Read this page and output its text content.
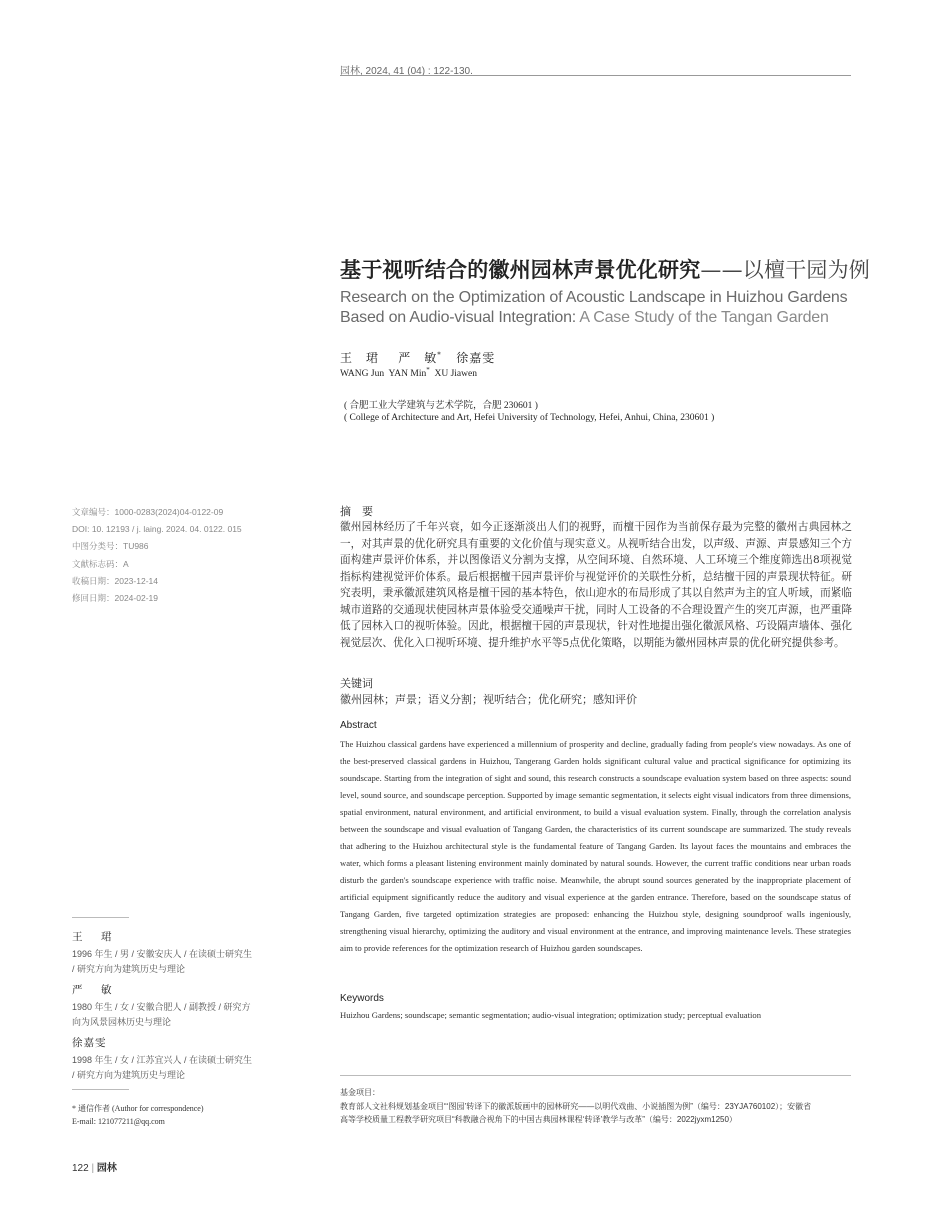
园林, 2024, 41 (04) : 122-130.
基于视听结合的徽州园林声景优化研究——以檀干园为例
Research on the Optimization of Acoustic Landscape in Huizhou Gardens Based on Audio-visual Integration: A Case Study of the Tangan Garden
王　珺 严　敏* 徐嘉雯
WANG Jun YAN Min* XU Jiawen
( 合肥工业大学建筑与艺术学院，合肥 230601 )
( College of Architecture and Art, Hefei University of Technology, Hefei, Anhui, China, 230601 )
文章编号：1000-0283(2024)04-0122-09
DOI: 10. 12193 / j. laing. 2024. 04. 0122. 015
中图分类号：TU986
文献标志码：A
收稿日期：2023-12-14
修回日期：2024-02-19
摘　要
徽州园林经历了千年兴衰，如今正逐渐淡出人们的视野，而檀干园作为当前保存最为完整的徽州古典园林之一，对其声景的优化研究具有重要的文化价值与现实意义。从视听结合出发，以声级、声源、声景感知三个方面构建声景评价体系，并以图像语义分割为支撑，从空间环境、自然环境、人工环境三个维度筛选出8项视觉指标构建视觉评价体系。最后根据檀干园声景评价与视觉评价的关联性分析，总结檀干园的声景现状特征。研究表明，秉承徽派建筑风格是檀干园的基本特色，依山迎水的布局形成了其以自然声为主的宜人听域，而紧临城市道路的交通现状使园林声景体验受交通噪声干扰，同时人工设备的不合理设置产生的突兀声源，也严重降低了园林入口的视听体验。因此，根据檀干园的声景现状，针对性地提出强化徽派风格、巧设隔声墙体、强化视觉层次、优化入口视听环境、提升维护水平等5点优化策略，以期能为徽州园林声景的优化研究提供参考。
关键词
徽州园林；声景；语义分割；视听结合；优化研究；感知评价
Abstract
The Huizhou classical gardens have experienced a millennium of prosperity and decline, gradually fading from people's view nowadays. As one of the best-preserved classical gardens in Huizhou, Tangerang Garden holds significant cultural value and practical significance for optimizing its soundscape. Starting from the integration of sight and sound, this research constructs a soundscape evaluation system based on three aspects: sound level, sound source, and soundscape perception. Supported by image semantic segmentation, it selects eight visual indicators from three dimensions, spatial environment, natural environment, and artificial environment, to build a visual evaluation system. Finally, through the correlation analysis between the soundscape and visual evaluation of Tangang Garden, the characteristics of its current soundscape are summarized. The study reveals that adhering to the Huizhou architectural style is the fundamental feature of Tangang Garden. Its layout faces the mountains and embraces the water, which forms a pleasant listening environment mainly dominated by natural sounds. However, the current traffic conditions near urban roads disturb the garden's soundscape experience with traffic noise. Meanwhile, the abrupt sound sources generated by the inappropriate placement of artificial equipment significantly reduce the auditory and visual experience at the garden entrance. Therefore, based on the soundscape status of Tangang Garden, five targeted optimization strategies are proposed: enhancing the Huizhou style, designing soundproof walls ingeniously, strengthening visual hierarchy, optimizing the auditory and visual environment at the entrance, and improving maintenance levels. These strategies aim to provide references for the optimization research of Huizhou garden soundscapes.
Keywords
Huizhou Gardens; soundscape; semantic segmentation; audio-visual integration; optimization study; perceptual evaluation
王　珺
1996 年生 / 男 / 安徽安庆人 / 在读硕士研究生 / 研究方向为建筑历史与理论
严　敏
1980 年生 / 女 / 安徽合肥人 / 副教授 / 研究方向为风景园林历史与理论
徐嘉雯
1998 年生 / 女 / 江苏宜兴人 / 在读硕士研究生 / 研究方向为建筑历史与理论
* 通信作者 (Author for correspondence)
E-mail: 121077211@qq.com
基金项目：
教育部人文社科规划基金项目“‘图园’转译下的徽派版画中的园林研究——以明代戏曲、小说插图为例”（编号：23YJA760102）；安徽省
高等学校质量工程教学研究项目“科教融合视角下的中国古典园林课程‘转译’教学与改革”（编号：2022jyxm1250）
122 | 园林
